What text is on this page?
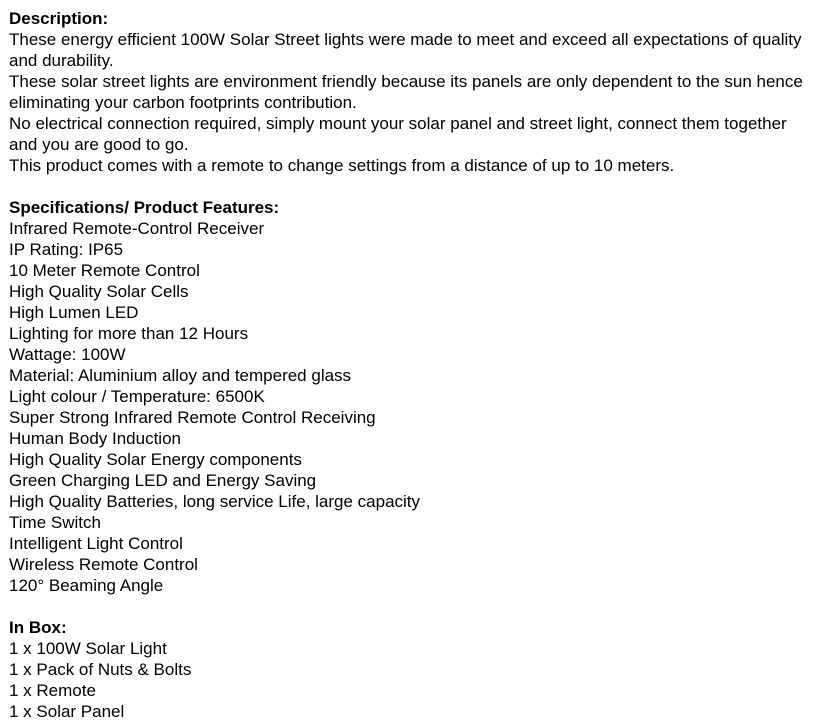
Description:

These energy efficient 100W Solar Street lights were made to meet and exceed all expectations of quality and durability.

These solar street lights are environment friendly because its panels are only dependent to the sun hence eliminating your carbon footprints contribution.

No electrical connection required, simply mount your solar panel and street light, connect them together and you are good to go.

This product comes with a remote to change settings from a distance of up to 10 meters.

Specifications/ Product Features:

Infrared Remote-Control Receiver
IP Rating: IP65
10 Meter Remote Control
High Quality Solar Cells
High Lumen LED
Lighting for more than 12 Hours
Wattage: 100W
Material: Aluminium alloy and tempered glass
Light colour / Temperature: 6500K
Super Strong Infrared Remote Control Receiving
Human Body Induction
High Quality Solar Energy components
Green Charging LED and Energy Saving
High Quality Batteries, long service Life, large capacity
Time Switch
Intelligent Light Control
Wireless Remote Control
120° Beaming Angle

In Box:

1 x 100W Solar Light
1 x Pack of Nuts & Bolts
1 x Remote
1 x Solar Panel
